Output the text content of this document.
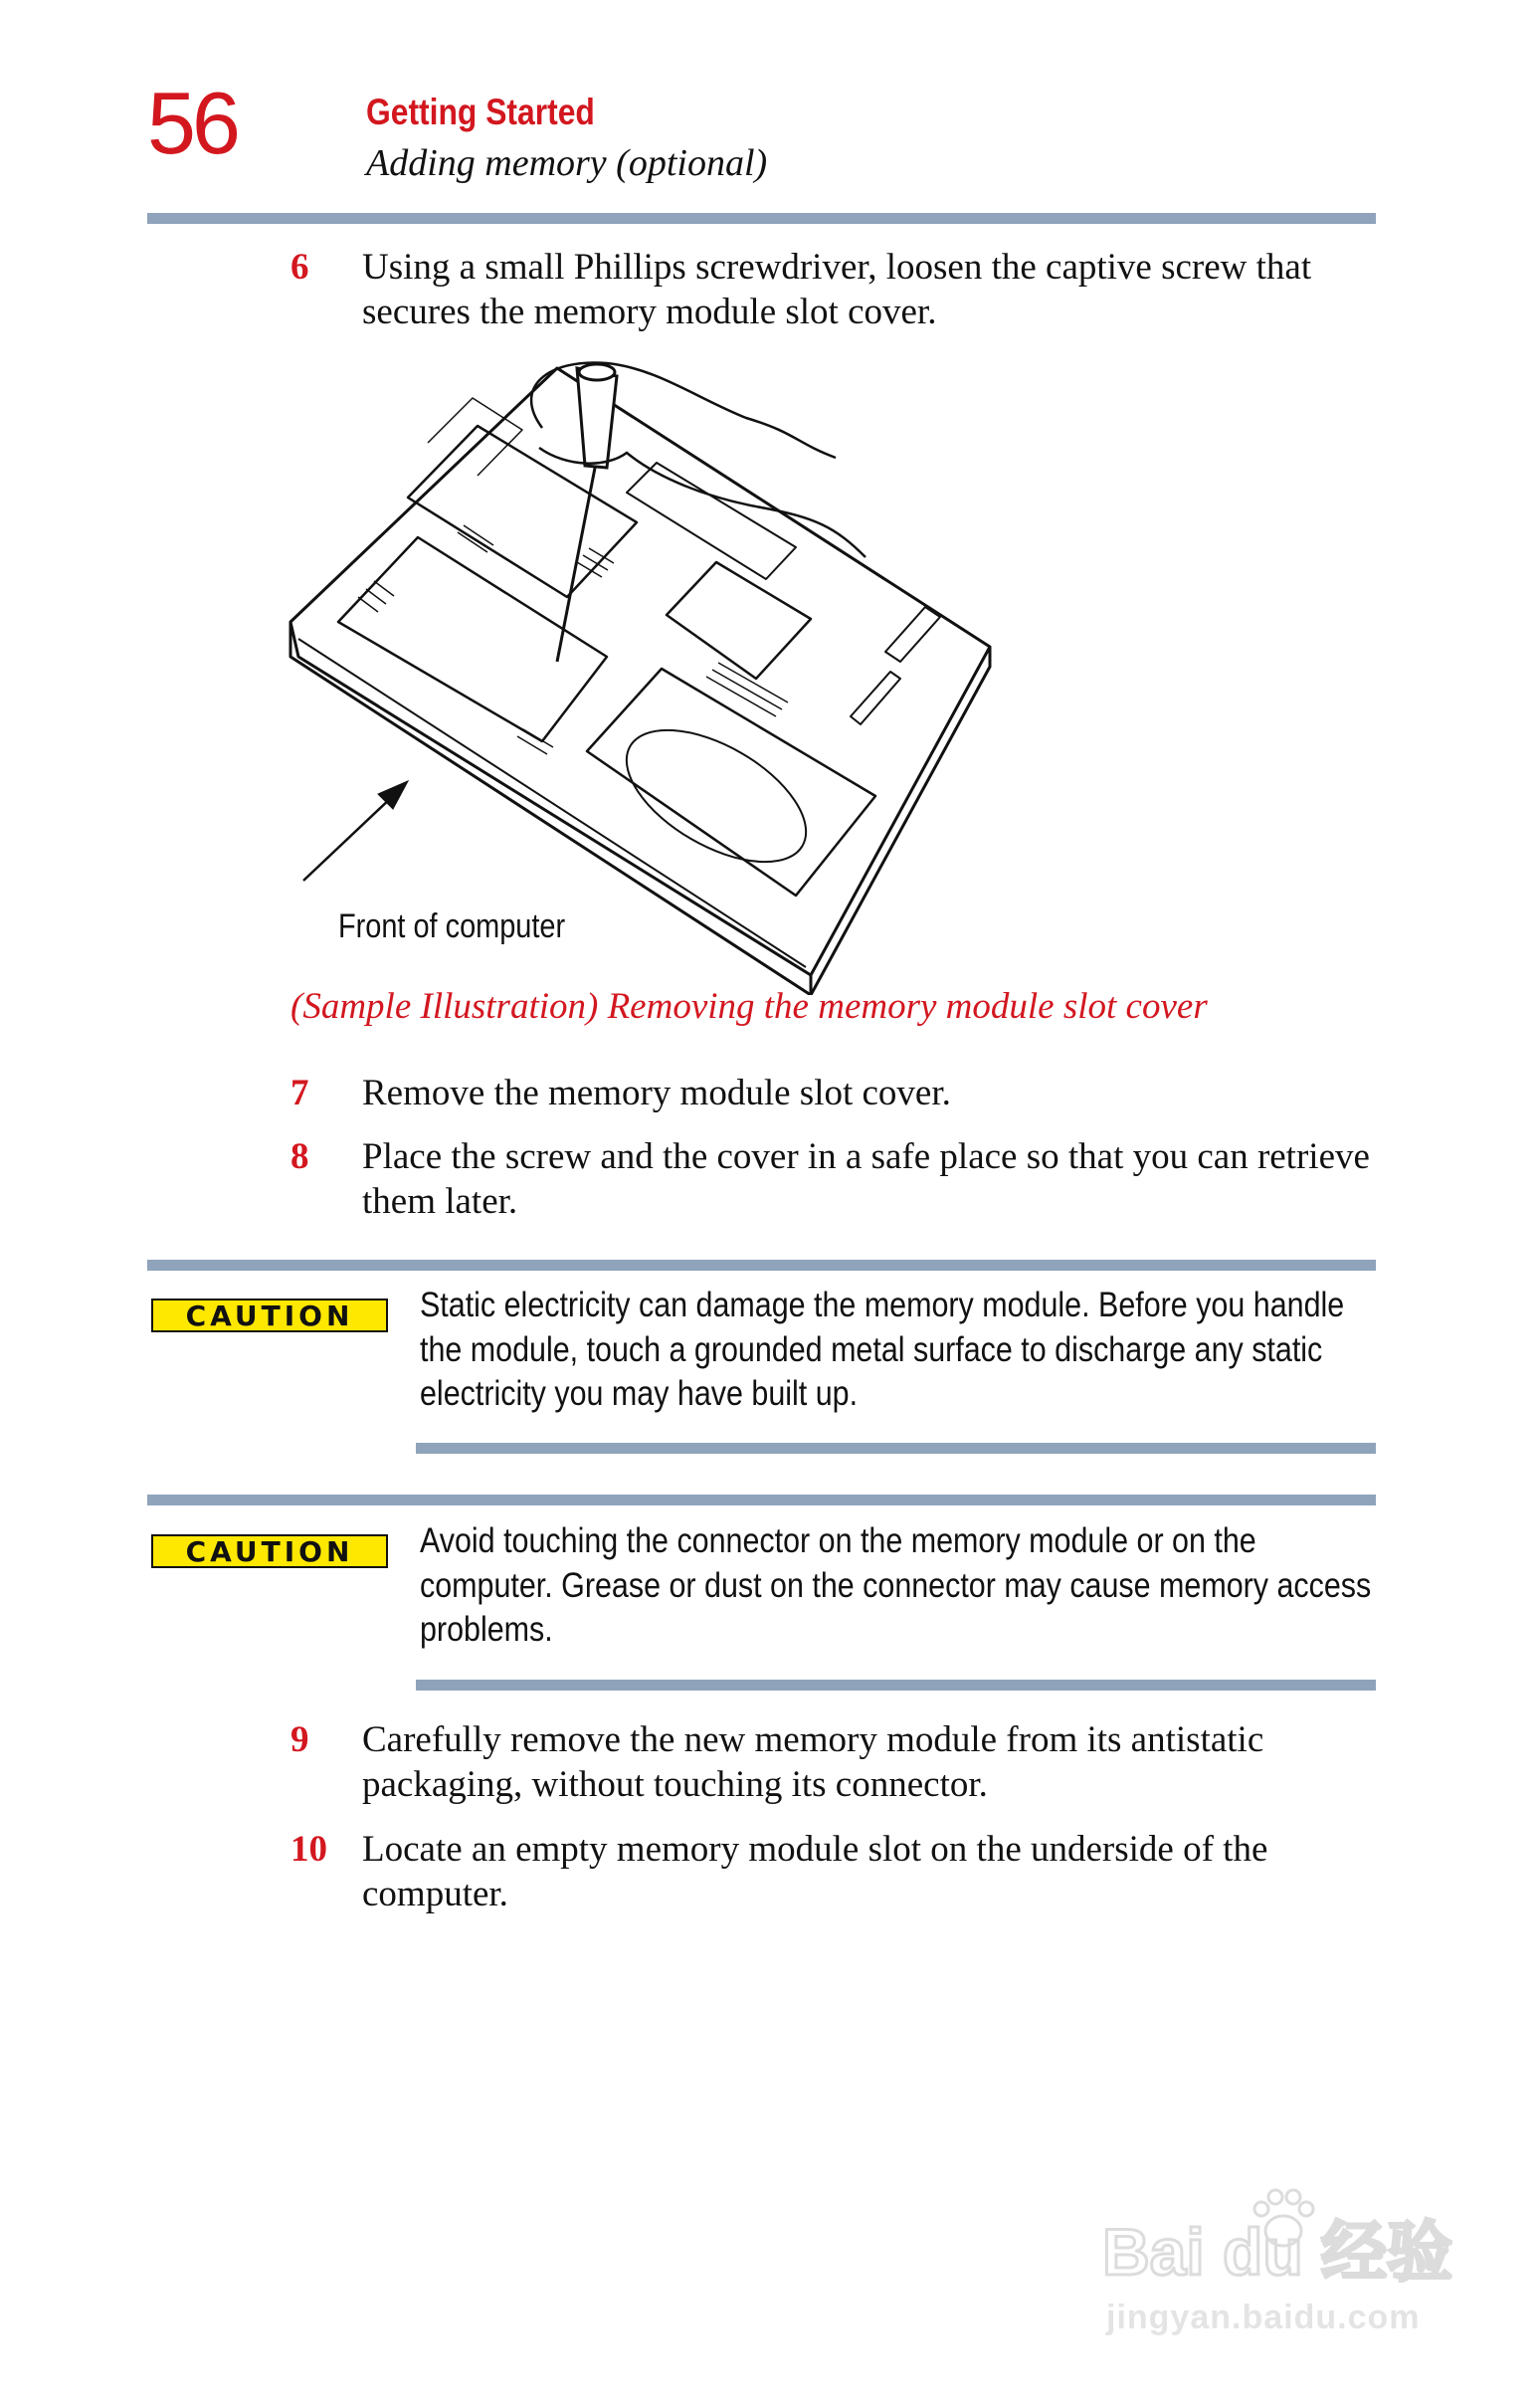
56	Getting Started
Adding memory (optional)
6 Using a small Phillips screwdriver, loosen the captive screw that secures the memory module slot cover.
Front of computer
(Sample Illustration) Removing the memory module slot cover
7 Remove the memory module slot cover.
8 Place the screw and the cover in a safe place so that you can retrieve them later.
CAUTION	Static electricity can damage the memory module. Before you handle the module, touch a grounded metal surface to discharge any static electricity you may have built up.
CAUTION	Avoid touching the connector on the memory module or on the computer. Grease or dust on the connector may cause memory access problems.
9 Carefully remove the new memory module from its antistatic packaging, without touching its connector.
10 Locate an empty memory module slot on the underside of the computer.
Bai du 经验
jingyan.baidu.com
